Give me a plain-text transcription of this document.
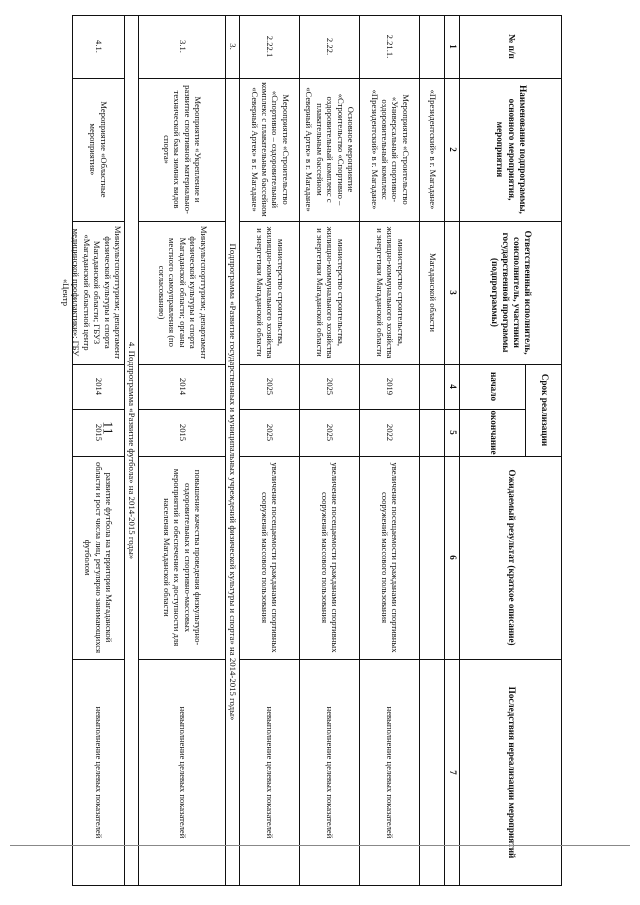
11
№ п/п
Наименование подпрограммы, основного мероприятия, мероприятия
Ответственный исполнитель, соисполнитель, участники государственной программы (подпрограммы)
Срок реализации
начало
окончание
Ожидаемый результат (краткое описание)
Последствия нереализации мероприятий
1
2
3
4
5
6
7
«Президентский» в г. Магадане»
Магаданской области
2.21.1.
Мероприятие «Строительство «Универсальный спортивно-оздоровительный комплекс «Президентский» в г. Магадане»
министерство строительства, жилищно-коммунального хозяйства и энергетики Магаданской области
2019
2022
увеличение посещаемости гражданами спортивных сооружений массового пользования
невыполнение целевых показателей
2.22.
Основное мероприятие «Строительство «Спортивно – оздоровительный комплекс с плавательным бассейном «Северный Артек» в г. Магадане»
министерство строительства, жилищно-коммунального хозяйства и энергетики Магаданской области
2025
2025
увеличение посещаемости гражданами спортивных сооружений массового пользования
невыполнение целевых показателей
2.22.1
Мероприятие «Строительство «Спортивно – оздоровительный комплекс с плавательным бассейном «Северный Артек» в г. Магадане»
министерство строительства, жилищно-коммунального хозяйства и энергетики Магаданской области
2025
2025
увеличение посещаемости гражданами спортивных сооружений массового пользования
невыполнение целевых показателей
3.
Подпрограмма «Развитие государственных и муниципальных учреждений физической культуры и спорта» на 2014-2015 годы»
3.1.
Мероприятие «Укрепление и развитие спортивной материально-технической базы зимних видов спорта»
Минкультспорттуризм; департамент физической культуры и спорта Магаданской области; органы местного самоуправления (по согласованию)
2014
2015
повышение качества проведения физкультурно-оздоровительных и спортивно-массовых мероприятий и обеспечение их доступности для населения Магаданской области
невыполнение целевых показателей
4. Подпрограмма «Развитие футбола» на 2014-2015 годы»
4.1.
Мероприятие «Областные мероприятия»
Минкультспорттуризм; департамент физической культуры и спорта Магаданской области; ГБУЗ «Магаданский областной центр медицинской профилактики»; ГБУ «Центр
2014
2015
развитие футбола на территории Магаданской области и рост числа лиц, регулярно занимающихся футболом
невыполнение целевых показателей
